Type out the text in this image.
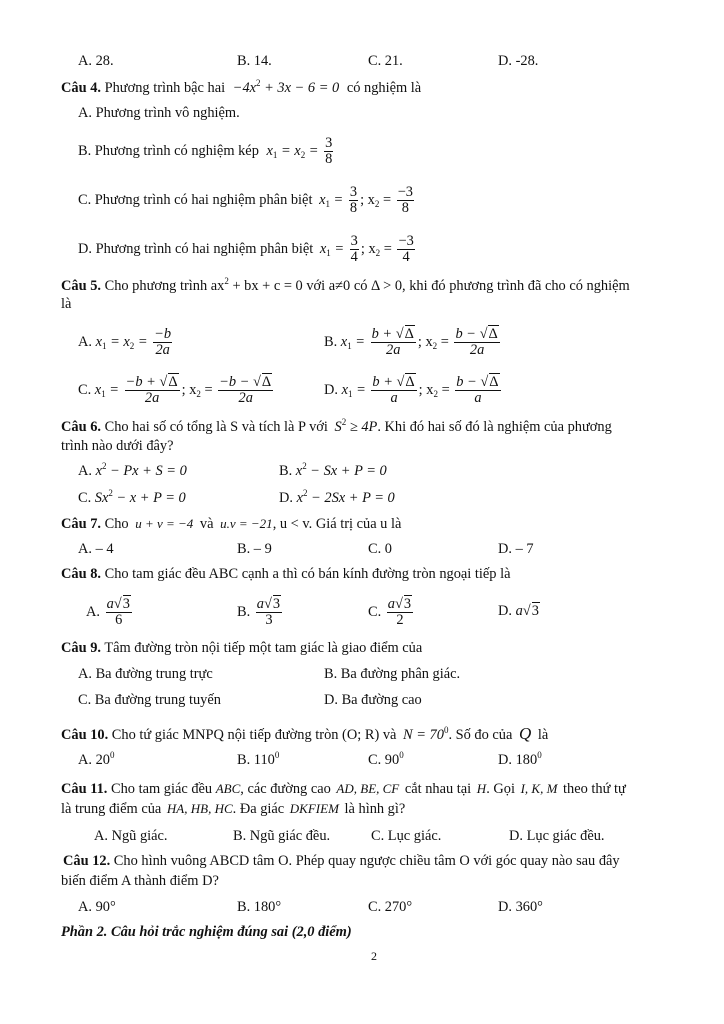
A. 28.	B. 14.	C. 21.	D. -28.
Câu 4. Phương trình bậc hai $-4x^2 + 3x - 6 = 0$ có nghiệm là
A. Phương trình vô nghiệm.
B. Phương trình có nghiệm kép $x_1 = x_2 = \frac{3}{8}$
C. Phương trình có hai nghiệm phân biệt $x_1 = \frac{3}{8}$ ; $x_2 = \frac{-3}{8}$
D. Phương trình có hai nghiệm phân biệt $x_1 = \frac{3}{4}$ ; $x_2 = \frac{-3}{4}$
Câu 5. Cho phương trình $ax^2$ + bx + c = 0 với a≠0 có Δ > 0, khi đó phương trình đã cho có nghiệm
là
A. $x_1 = x_2 = \frac{-b}{2a}$	B. $x_1 = \frac{b + √\Delta}{2a}$ ; $x_2 = \frac{b - √\Delta}{2a}$
C. $x_1 = \frac{-b + √\Delta}{2a}$ ; $x_2 = \frac{-b - √\Delta}{2a}$	D. $x_1 = \frac{b + √\Delta}{a}$ ; $x_2 = \frac{b - √\Delta}{a}$
Câu 6. Cho hai số có tổng là S và tích là P với $S^2 \ge 4P$. Khi đó hai số đó là nghiệm của phương
trình nào dưới đây?
A. $x^2 - Px + S = 0$	B. $x^2 - Sx + P = 0$
C. $Sx^2 - x + P = 0$	D. $x^2 - 2Sx + P = 0$
Câu 7. Cho u + v = −4 và u.v = −21, u < v. Giá trị của u là
A. – 4	B. – 9	C. 0	D. – 7
Câu 8. Cho tam giác đều ABC cạnh a thì có bán kính đường tròn ngoại tiếp là
A. $\frac{a√3}{6}$	B. $\frac{a√3}{3}$	C. $\frac{a√3}{2}$	D. a√3
Câu 9. Tâm đường tròn nội tiếp một tam giác là giao điểm của
A. Ba đường trung trực	B. Ba đường phân giác.
C. Ba đường trung tuyến	D. Ba đường cao
Câu 10. Cho tứ giác MNPQ nội tiếp đường tròn (O; R) và $N = 70^0$. Số đo của Q là
A. $20^0$	B. $110^0$	C. $90^0$	D. $180^0$
Câu 11. Cho tam giác đều ABC, các đường cao AD, BE, CF cắt nhau tại H. Gọi I, K, M theo thứ tự
là trung điểm của HA, HB, HC. Đa giác DKFIEM là hình gì?
A. Ngũ giác.	B. Ngũ giác đều.	C. Lục giác.	D. Lục giác đều.
Câu 12. Cho hình vuông ABCD tâm O. Phép quay ngược chiều tâm O với góc quay nào sau đây
biến điểm A thành điểm D?
A. 90°	B. 180°	C. 270°	D. 360°
Phần 2. Câu hỏi trắc nghiệm đúng sai (2,0 điểm)
2
